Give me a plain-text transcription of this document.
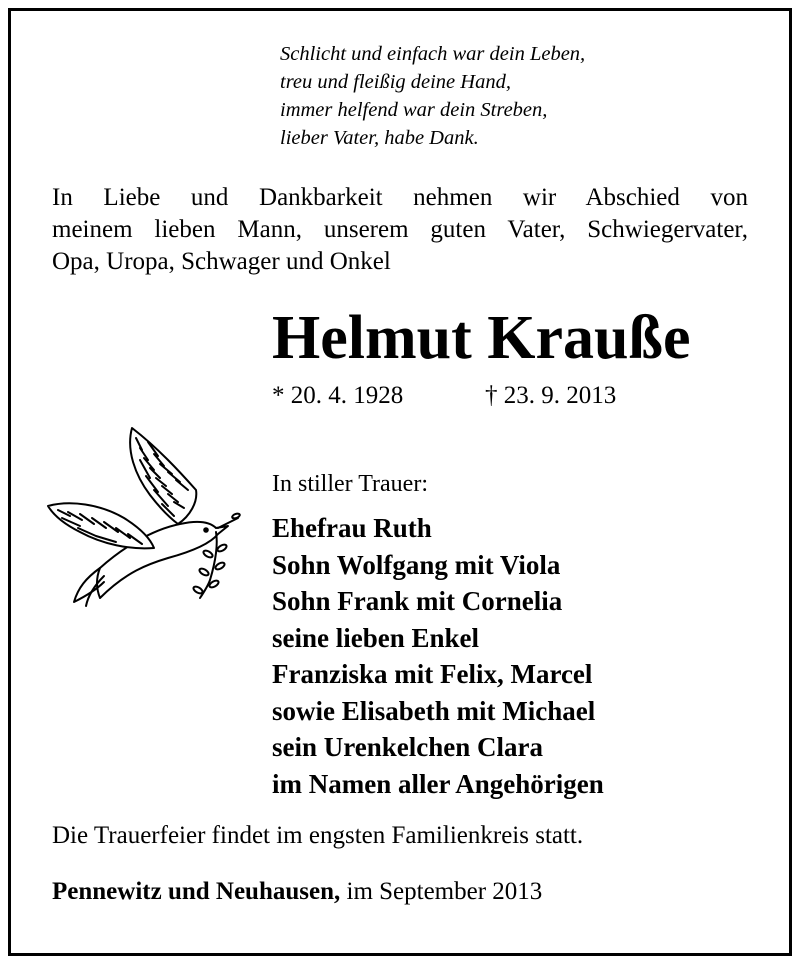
Schlicht und einfach war dein Leben,
treu und fleißig deine Hand,
immer helfend war dein Streben,
lieber Vater, habe Dank.
In Liebe und Dankbarkeit nehmen wir Abschied von
meinem lieben Mann, unserem guten Vater, Schwiegervater,
Opa, Uropa, Schwager und Onkel
Helmut Krauße
* 20. 4. 1928	† 23. 9. 2013
In stiller Trauer:
Ehefrau Ruth
Sohn Wolfgang mit Viola
Sohn Frank mit Cornelia
seine lieben Enkel
Franziska mit Felix, Marcel
sowie Elisabeth mit Michael
sein Urenkelchen Clara
im Namen aller Angehörigen
Die Trauerfeier findet im engsten Familienkreis statt.
Pennewitz und Neuhausen, im September 2013
